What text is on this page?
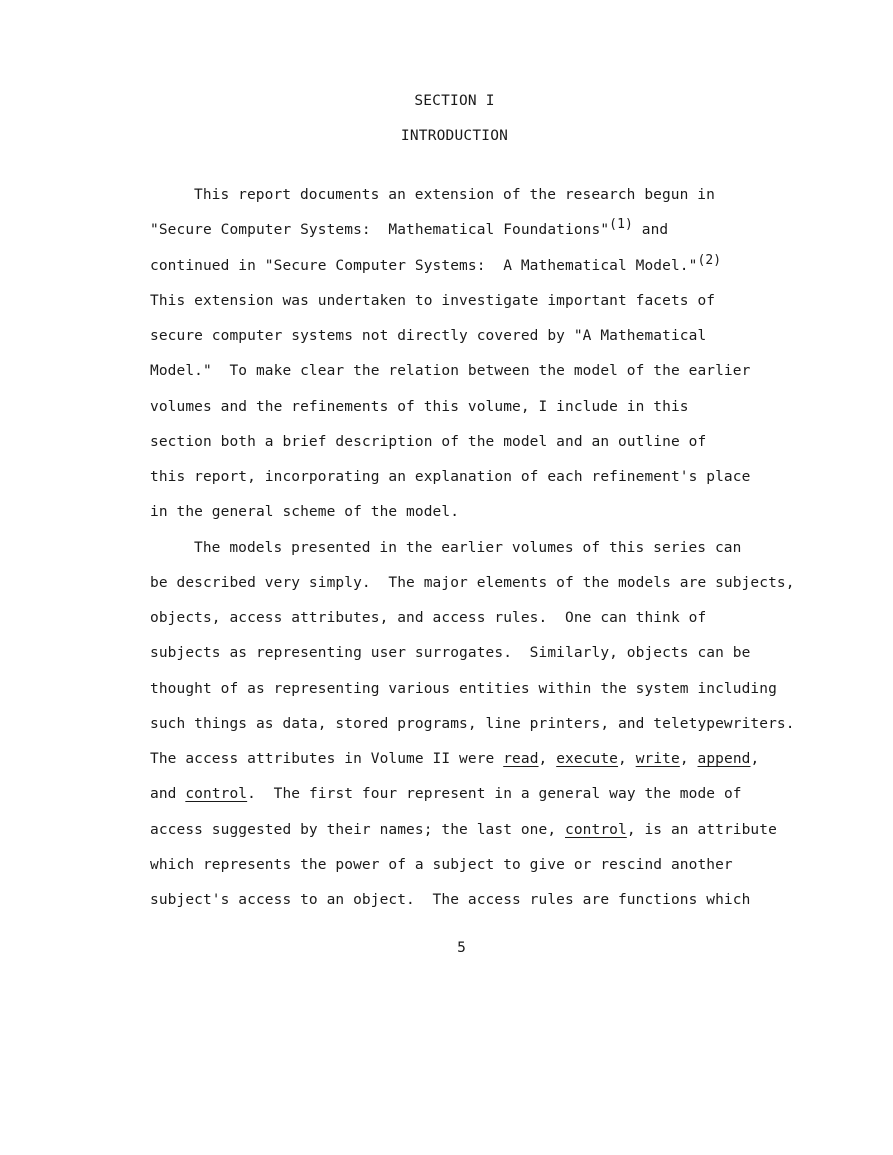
SECTION I
INTRODUCTION
This report documents an extension of the research begun in
"Secure Computer Systems:  Mathematical Foundations"$^{(1)}$ and
continued in "Secure Computer Systems:  A Mathematical Model."$^{(2)}$
This extension was undertaken to investigate important facets of
secure computer systems not directly covered by "A Mathematical
Model."  To make clear the relation between the model of the earlier
volumes and the refinements of this volume, I include in this
section both a brief description of the model and an outline of
this report, incorporating an explanation of each refinement's place
in the general scheme of the model.
The models presented in the earlier volumes of this series can
be described very simply.  The major elements of the models are subjects,
objects, access attributes, and access rules.  One can think of
subjects as representing user surrogates.  Similarly, objects can be
thought of as representing various entities within the system including
such things as data, stored programs, line printers, and teletypewriters.
The access attributes in Volume II were read, execute, write, append,
and control.  The first four represent in a general way the mode of
access suggested by their names; the last one, control, is an attribute
which represents the power of a subject to give or rescind another
subject's access to an object.  The access rules are functions which
5
